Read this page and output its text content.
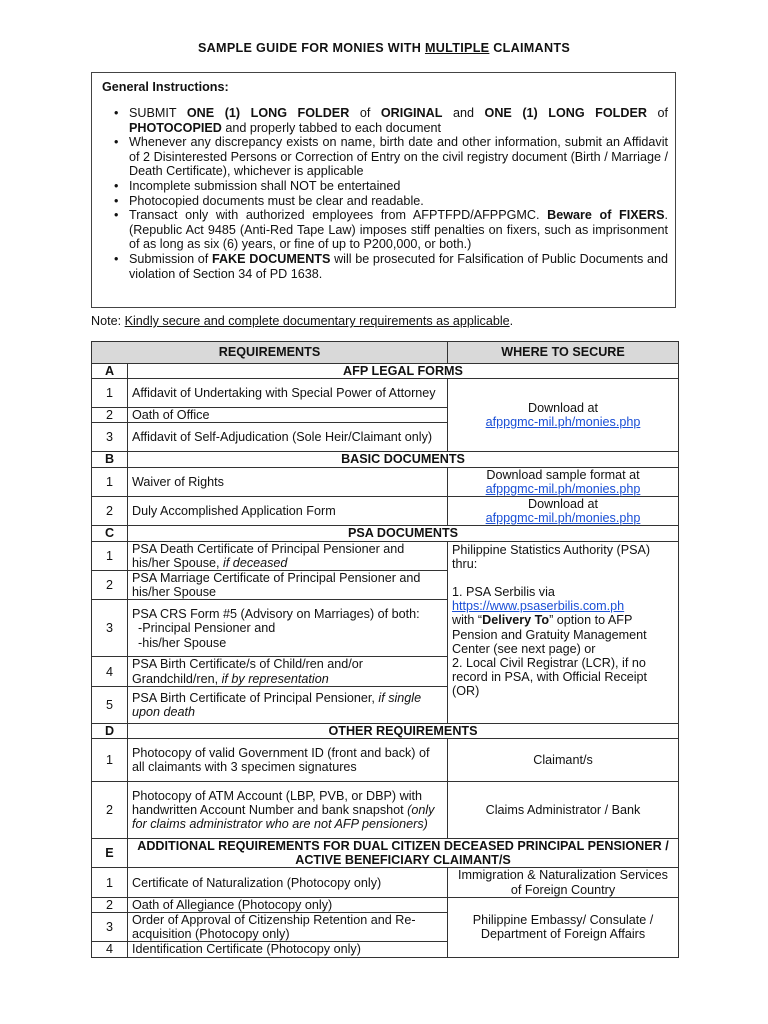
SAMPLE GUIDE FOR MONIES WITH MULTIPLE CLAIMANTS
General Instructions:
• SUBMIT ONE (1) LONG FOLDER of ORIGINAL and ONE (1) LONG FOLDER of PHOTOCOPIED and properly tabbed to each document
• Whenever any discrepancy exists on name, birth date and other information, submit an Affidavit of 2 Disinterested Persons or Correction of Entry on the civil registry document (Birth / Marriage / Death Certificate), whichever is applicable
• Incomplete submission shall NOT be entertained
• Photocopied documents must be clear and readable.
• Transact only with authorized employees from AFPTFPD/AFPPGMC. Beware of FIXERS. (Republic Act 9485 (Anti-Red Tape Law) imposes stiff penalties on fixers, such as imprisonment of as long as six (6) years, or fine of up to P200,000, or both.)
• Submission of FAKE DOCUMENTS will be prosecuted for Falsification of Public Documents and violation of Section 34 of PD 1638.
Note: Kindly secure and complete documentary requirements as applicable.
REQUIREMENTS		WHERE TO SECURE
A	AFP LEGAL FORMS	
1	Affidavit of Undertaking with Special Power of Attorney	Download at
afppgmc-mil.ph/monies.php
2	Oath of Office	
3	Affidavit of Self-Adjudication (Sole Heir/Claimant only)	
B	BASIC DOCUMENTS	
1	Waiver of Rights	Download sample format at
afppgmc-mil.ph/monies.php
2	Duly Accomplished Application Form	Download at
afppgmc-mil.ph/monies.php
C	PSA DOCUMENTS	
1	PSA Death Certificate of Principal Pensioner and his/her Spouse, if deceased	Philippine Statistics Authority (PSA) thru:
1. PSA Serbilis via
https://www.psaserbilis.com.ph
with “Delivery To” option to AFP Pension and Gratuity Management Center (see next page) or
2. Local Civil Registrar (LCR), if no record in PSA, with Official Receipt (OR)

2	PSA Marriage Certificate of Principal Pensioner and his/her Spouse	
3	PSA CRS Form #5 (Advisory on Marriages) of both:
-Principal Pensioner and
-his/her Spouse	

4	PSA Birth Certificate/s of Child/ren and/or Grandchild/ren, if by representation	
5	PSA Birth Certificate of Principal Pensioner, if single upon death	
D	OTHER REQUIREMENTS	
1	Photocopy of valid Government ID (front and back) of all claimants with 3 specimen signatures	Claimant/s
2	Photocopy of ATM Account (LBP, PVB, or DBP) with handwritten Account Number and bank snapshot (only for claims administrator who are not AFP pensioners)	Claims Administrator / Bank
E	ADDITIONAL REQUIREMENTS FOR DUAL CITIZEN DECEASED PRINCIPAL PENSIONER / ACTIVE BENEFICIARY CLAIMANT/S	
1	Certificate of Naturalization (Photocopy only)	Immigration & Naturalization Services of Foreign Country
2	Oath of Allegiance (Photocopy only)	Philippine Embassy/ Consulate / Department of Foreign Affairs
3	Order of Approval of Citizenship Retention and Re-acquisition (Photocopy only)	
4	Identification Certificate (Photocopy only)	
